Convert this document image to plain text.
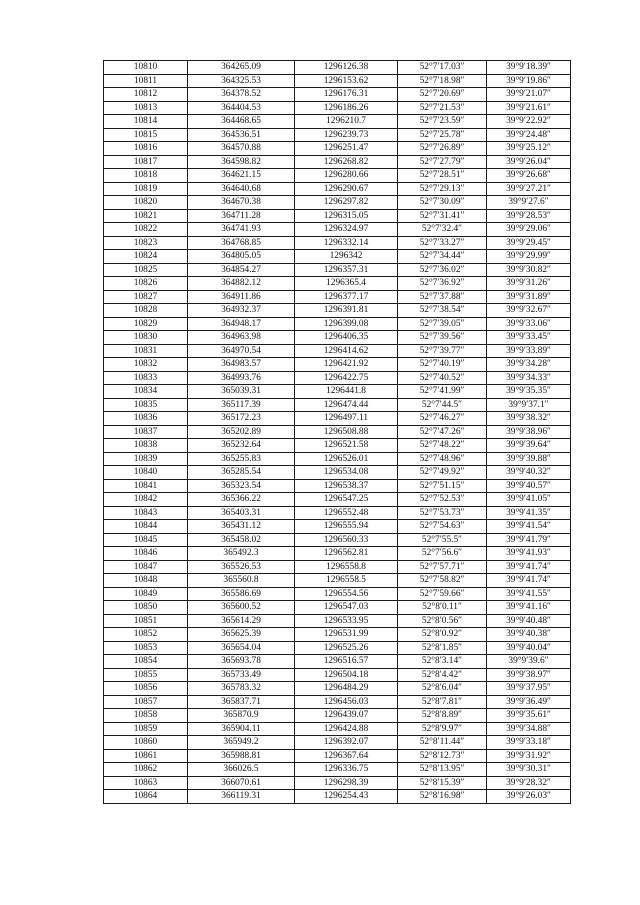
10810	364265.09	1296126.38	52°7′17.03″	39°9′18.39″
10811	364325.53	1296153.62	52°7′18.98″	39°9′19.86″
10812	364378.52	1296176.31	52°7′20.69″	39°9′21.07″
10813	364404.53	1296186.26	52°7′21.53″	39°9′21.61″
10814	364468.65	1296210.7	52°7′23.59″	39°9′22.92″
10815	364536.51	1296239.73	52°7′25.78″	39°9′24.48″
10816	364570.88	1296251.47	52°7′26.89″	39°9′25.12″
10817	364598.82	1296268.82	52°7′27.79″	39°9′26.04″
10818	364621.15	1296280.66	52°7′28.51″	39°9′26.68″
10819	364640.68	1296290.67	52°7′29.13″	39°9′27.21″
10820	364670.38	1296297.82	52°7′30.09″	39°9′27.6″
10821	364711.28	1296315.05	52°7′31.41″	39°9′28.53″
10822	364741.93	1296324.97	52°7′32.4″	39°9′29.06″
10823	364768.85	1296332.14	52°7′33.27″	39°9′29.45″
10824	364805.05	1296342	52°7′34.44″	39°9′29.99″
10825	364854.27	1296357.31	52°7′36.02″	39°9′30.82″
10826	364882.12	1296365.4	52°7′36.92″	39°9′31.26″
10827	364911.86	1296377.17	52°7′37.88″	39°9′31.89″
10828	364932.37	1296391.81	52°7′38.54″	39°9′32.67″
10829	364948.17	1296399.08	52°7′39.05″	39°9′33.06″
10830	364963.98	1296406.35	52°7′39.56″	39°9′33.45″
10831	364970.54	1296414.62	52°7′39.77″	39°9′33.89″
10832	364983.57	1296421.92	52°7′40.19″	39°9′34.28″
10833	364993.76	1296422.75	52°7′40.52″	39°9′34.33″
10834	365039.31	1296441.8	52°7′41.99″	39°9′35.35″
10835	365117.39	1296474.44	52°7′44.5″	39°9′37.1″
10836	365172.23	1296497.11	52°7′46.27″	39°9′38.32″
10837	365202.89	1296508.88	52°7′47.26″	39°9′38.96″
10838	365232.64	1296521.58	52°7′48.22″	39°9′39.64″
10839	365255.83	1296526.01	52°7′48.96″	39°9′39.88″
10840	365285.54	1296534.08	52°7′49.92″	39°9′40.32″
10841	365323.54	1296538.37	52°7′51.15″	39°9′40.57″
10842	365366.22	1296547.25	52°7′52.53″	39°9′41.05″
10843	365403.31	1296552.48	52°7′53.73″	39°9′41.35″
10844	365431.12	1296555.94	52°7′54.63″	39°9′41.54″
10845	365458.02	1296560.33	52°7′55.5″	39°9′41.79″
10846	365492.3	1296562.81	52°7′56.6″	39°9′41.93″
10847	365526.53	1296558.8	52°7′57.71″	39°9′41.74″
10848	365560.8	1296558.5	52°7′58.82″	39°9′41.74″
10849	365586.69	1296554.56	52°7′59.66″	39°9′41.55″
10850	365600.52	1296547.03	52°8′0.11″	39°9′41.16″
10851	365614.29	1296533.95	52°8′0.56″	39°9′40.48″
10852	365625.39	1296531.99	52°8′0.92″	39°9′40.38″
10853	365654.04	1296525.26	52°8′1.85″	39°9′40.04″
10854	365693.78	1296516.57	52°8′3.14″	39°9′39.6″
10855	365733.49	1296504.18	52°8′4.42″	39°9′38.97″
10856	365783.32	1296484.29	52°8′6.04″	39°9′37.95″
10857	365837.71	1296456.03	52°8′7.81″	39°9′36.49″
10858	365870.9	1296439.07	52°8′8.89″	39°9′35.61″
10859	365904.11	1296424.88	52°8′9.97″	39°9′34.88″
10860	365949.2	1296392.07	52°8′11.44″	39°9′33.18″
10861	365988.81	1296367.64	52°8′12.73″	39°9′31.92″
10862	366026.5	1296336.75	52°8′13.95″	39°9′30.31″
10863	366070.61	1296298.39	52°8′15.39″	39°9′28.32″
10864	366119.31	1296254.43	52°8′16.98″	39°9′26.03″
